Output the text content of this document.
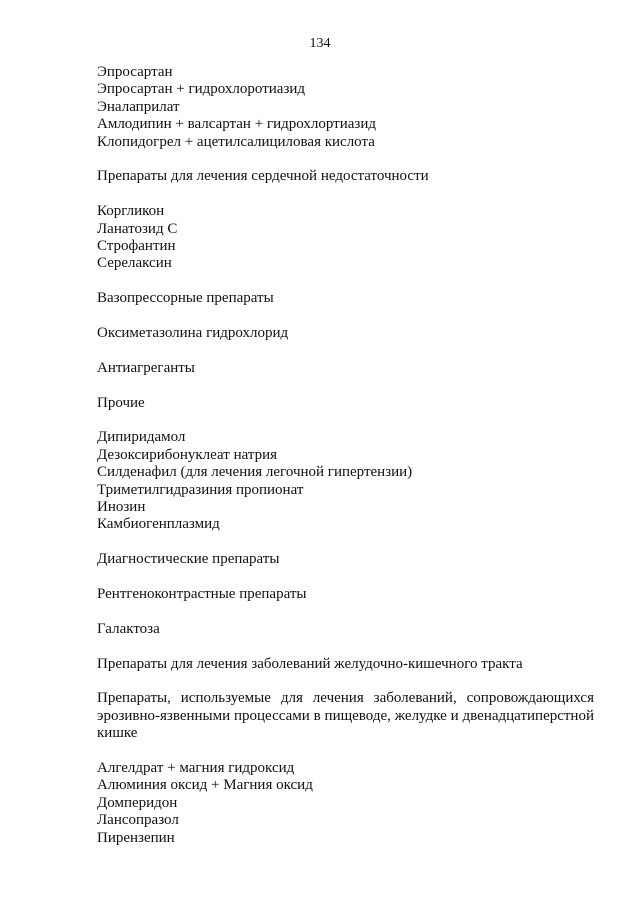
134
Эпросартан
Эпросартан + гидрохлоротиазид
Эналаприлат
Амлодипин + валсартан + гидрохлортиазид
Клопидогрел + ацетилсалициловая кислота
Препараты для лечения сердечной недостаточности
Коргликон
Ланатозид С
Строфантин
Серелаксин
Вазопрессорные препараты
Оксиметазолина гидрохлорид
Антиагреганты
Прочие
Дипиридамол
Дезоксирибонуклеат натрия
Силденафил (для лечения легочной гипертензии)
Триметилгидразиния пропионат
Инозин
Камбиогенплазмид
Диагностические препараты
Рентгеноконтрастные препараты
Галактоза
Препараты для лечения заболеваний желудочно-кишечного тракта
Препараты, используемые для лечения заболеваний, сопровождающихся эрозивно-язвенными процессами в пищеводе, желудке и двенадцатиперстной кишке
Алгелдрат + магния гидроксид
Алюминия оксид + Магния оксид
Домперидон
Лансопразол
Пирензепин
